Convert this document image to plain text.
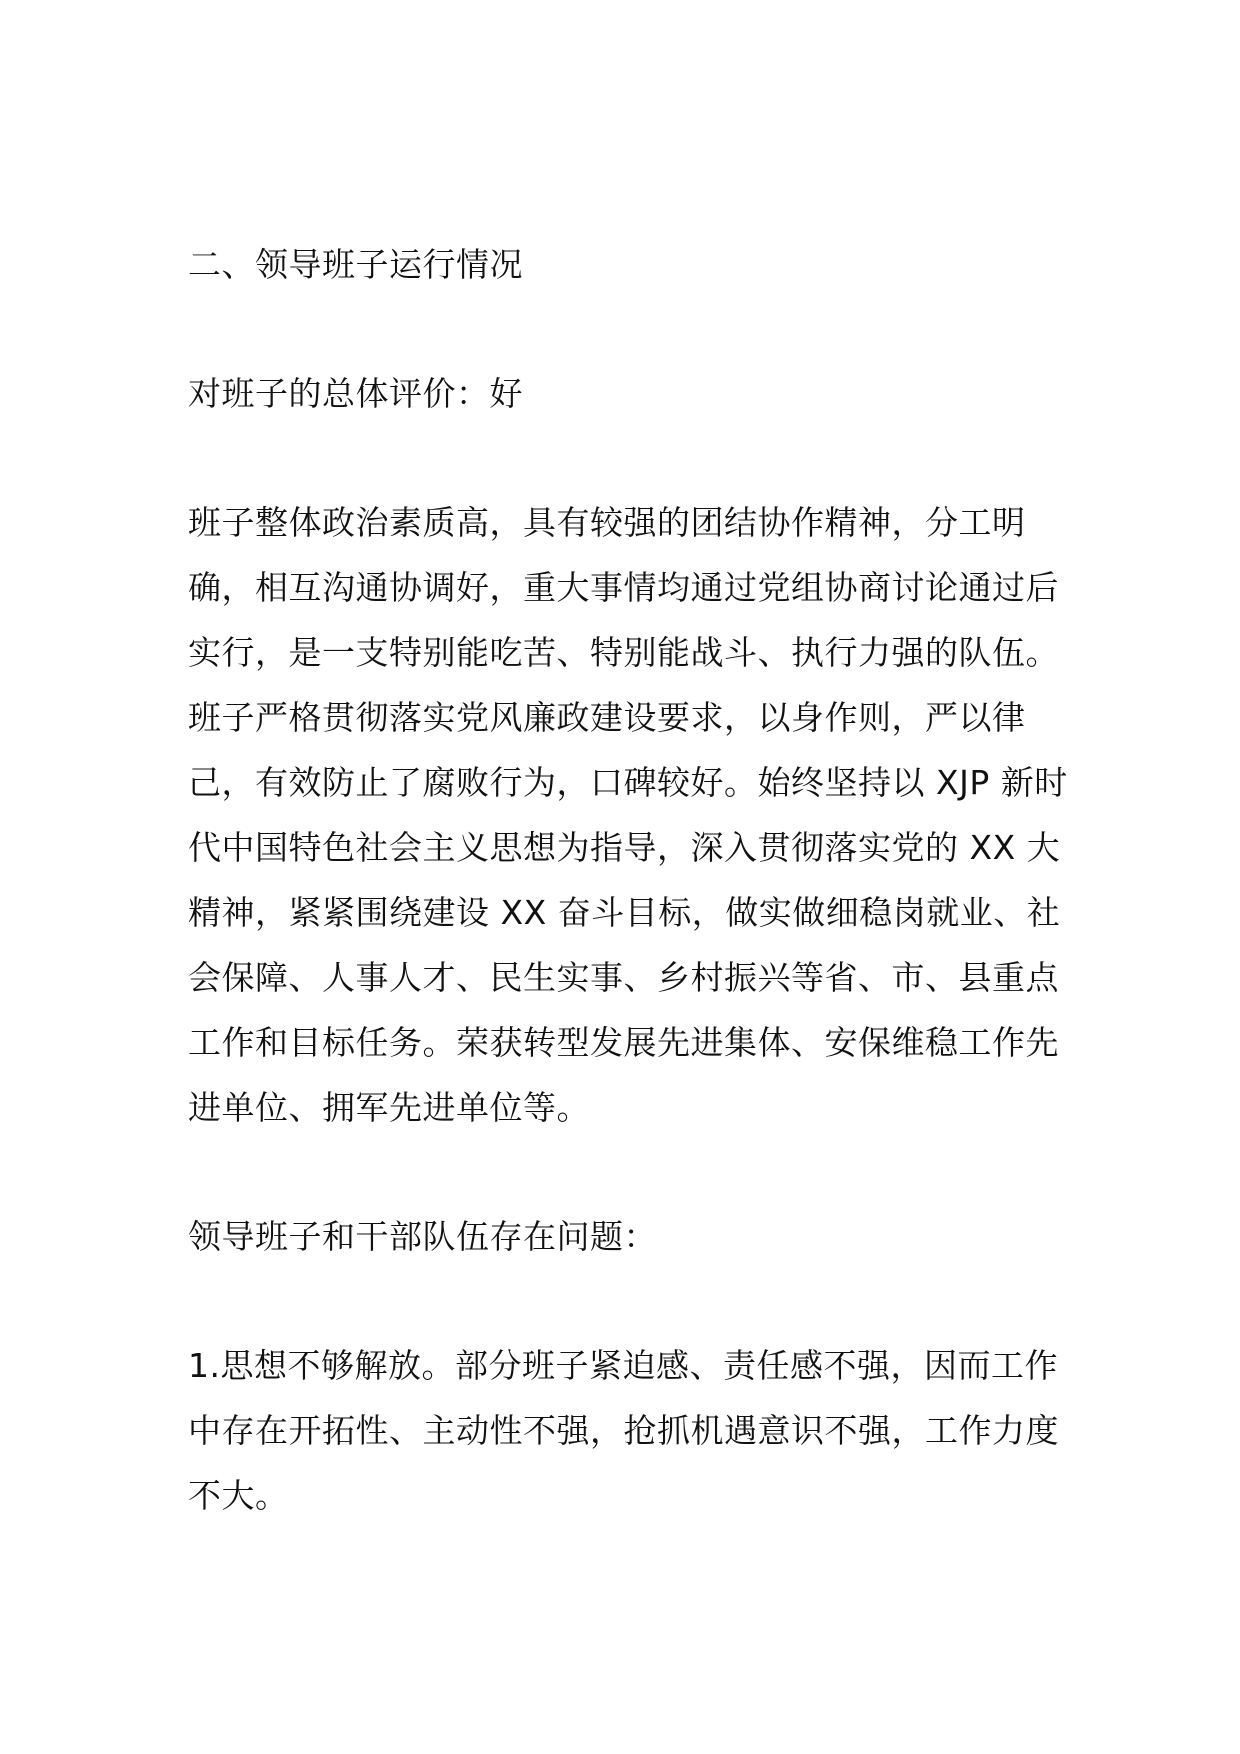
二、领导班子运行情况

对班子的总体评价：好

班子整体政治素质高，具有较强的团结协作精神，分工明确，相互沟通协调好，重大事情均通过党组协商讨论通过后实行，是一支特别能吃苦、特别能战斗、执行力强的队伍。班子严格贯彻落实党风廉政建设要求，以身作则，严以律己，有效防止了腐败行为，口碑较好。始终坚持以 XJP 新时代中国特色社会主义思想为指导，深入贯彻落实党的 XX 大精神，紧紧围绕建设 XX 奋斗目标，做实做细稳岗就业、社会保障、人事人才、民生实事、乡村振兴等省、市、县重点工作和目标任务。荣获转型发展先进集体、安保维稳工作先进单位、拥军先进单位等。

领导班子和干部队伍存在问题：

1.思想不够解放。部分班子紧迫感、责任感不强，因而工作中存在开拓性、主动性不强，抢抓机遇意识不强，工作力度不大。
